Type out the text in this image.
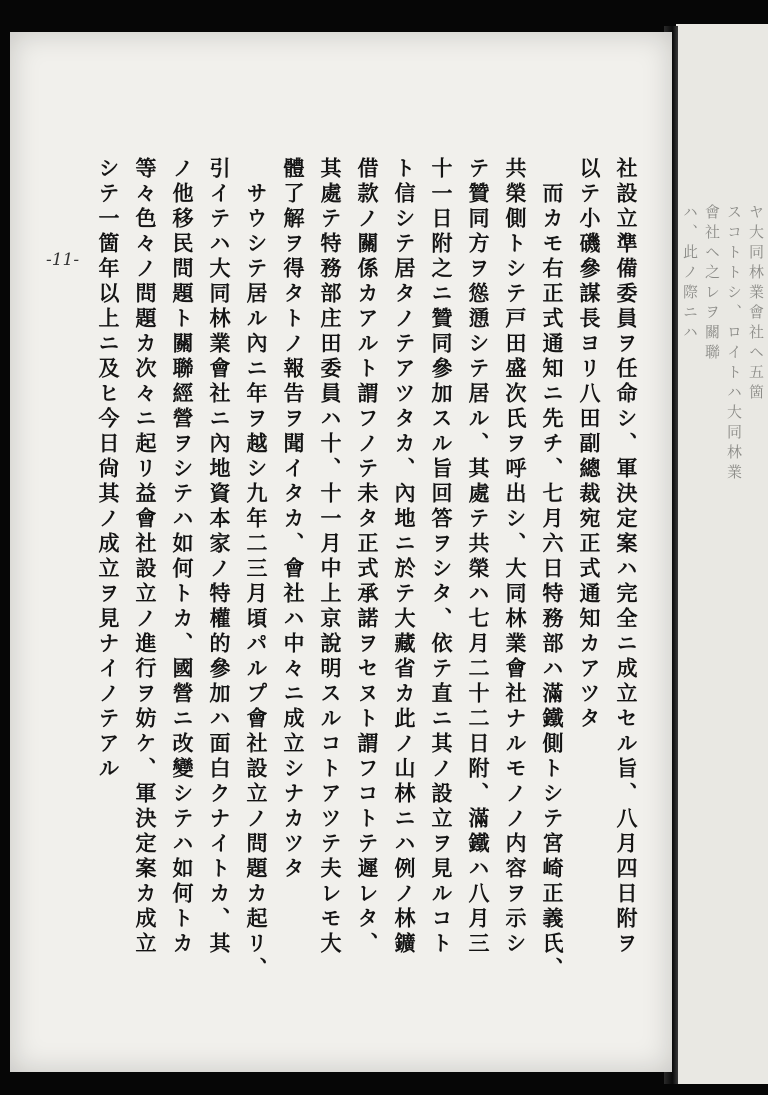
ヤ大同林業會社ヘ五箇
スコトトシ、ロイトハ大同林業
會社ヘ之レヲ關聯
ハ、此ノ際ニハ
-11-	社設立準備委員ヲ任命シ、軍決定案ハ完全ニ成立セル旨、八月四日附ヲ
以テ小磯參謀長ヨリ八田副總裁宛正式通知カアツタ
而カモ右正式通知ニ先チ、七月六日特務部ハ滿鐵側トシテ宮崎正義氏、
共榮側トシテ戸田盛次氏ヲ呼出シ、大同林業會社ナルモノノ内容ヲ示シ
テ贊同方ヲ慫慂シテ居ル、其處テ共榮ハ七月二十二日附、滿鐵ハ八月三
十一日附之ニ贊同參加スル旨回答ヲシタ、依テ直ニ其ノ設立ヲ見ルコト
ト信シテ居タノテアツタカ、內地ニ於テ大藏省カ此ノ山林ニハ例ノ林鑛
借款ノ關係カアルト謂フノテ未タ正式承諾ヲセヌト謂フコトテ遲レタ、
其處テ特務部庄田委員ハ十、十一月中上京說明スルコトアツテ夫レモ大
體了解ヲ得タトノ報告ヲ聞イタカ、會社ハ中々ニ成立シナカツタ
サウシテ居ル內ニ年ヲ越シ九年二三月頃パルプ會社設立ノ問題カ起リ、
引イテハ大同林業會社ニ內地資本家ノ特權的參加ハ面白クナイトカ、其
ノ他移民問題ト關聯經營ヲシテハ如何トカ、國營ニ改變シテハ如何トカ
等々色々ノ問題カ次々ニ起リ益會社設立ノ進行ヲ妨ケ、軍決定案カ成立
シテ一箇年以上ニ及ヒ今日尙其ノ成立ヲ見ナイノテアル
